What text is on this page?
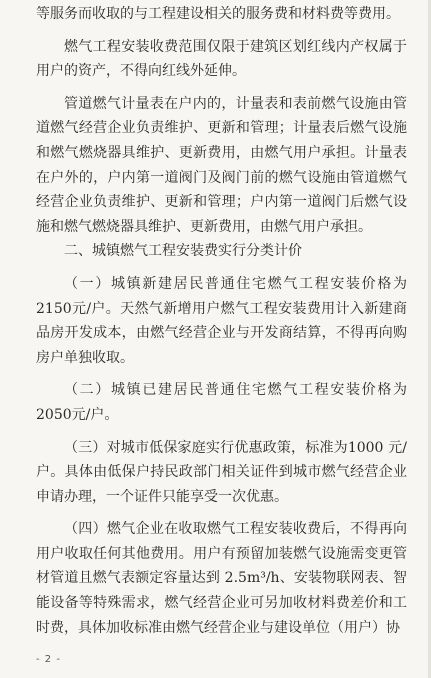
等服务而收取的与工程建设相关的服务费和材料费等费用。

燃气工程安装收费范围仅限于建筑区划红线内产权属于用户的资产，不得向红线外延伸。

管道燃气计量表在户内的，计量表和表前燃气设施由管道燃气经营企业负责维护、更新和管理；计量表后燃气设施和燃气燃烧器具维护、更新费用，由燃气用户承担。计量表在户外的，户内第一道阀门及阀门前的燃气设施由管道燃气经营企业负责维护、更新和管理；户内第一道阀门后燃气设施和燃气燃烧器具维护、更新费用，由燃气用户承担。

二、城镇燃气工程安装费实行分类计价

（一）城镇新建居民普通住宅燃气工程安装价格为 2150元/户。天然气新增用户燃气工程安装费用计入新建商品房开发成本，由燃气经营企业与开发商结算，不得再向购房户单独收取。

（二）城镇已建居民普通住宅燃气工程安装价格为 2050元/户。

（三）对城市低保家庭实行优惠政策，标准为1000 元/户。具体由低保户持民政部门相关证件到城市燃气经营企业申请办理，一个证件只能享受一次优惠。

（四）燃气企业在收取燃气工程安装收费后，不得再向用户收取任何其他费用。用户有预留加装燃气设施需变更管材管道且燃气表额定容量达到 2.5m³/h、安装物联网表、智能设备等特殊需求，燃气经营企业可另加收材料费差价和工时费，具体加收标准由燃气经营企业与建设单位（用户）协

- 2 -
